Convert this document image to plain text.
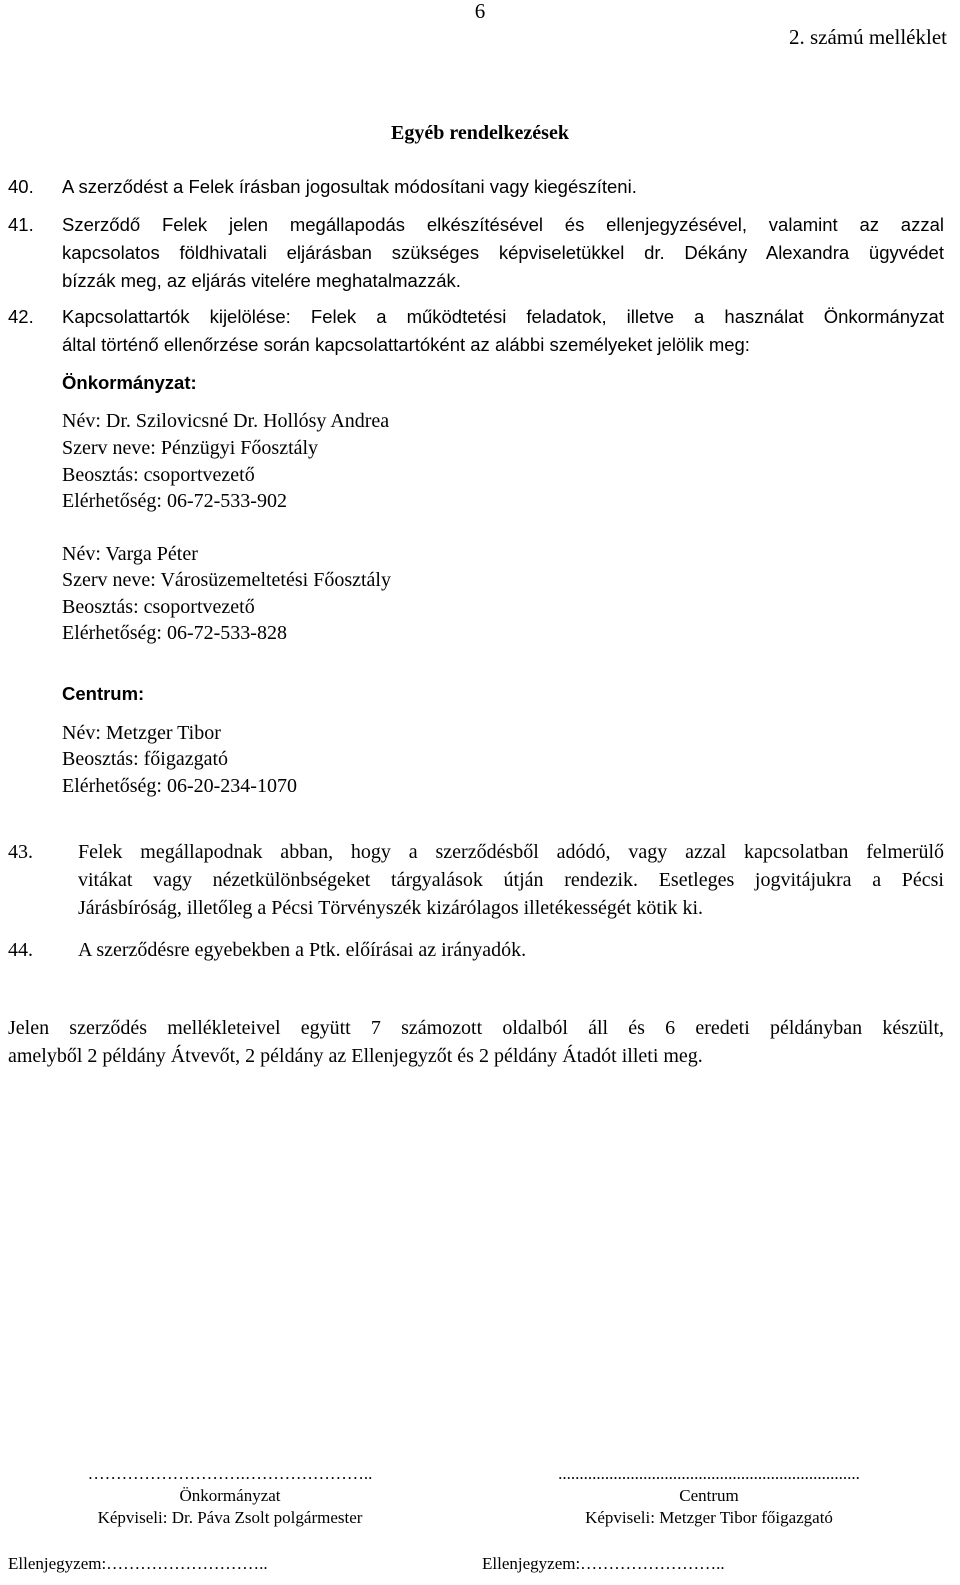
6
2. számú melléklet
Egyéb rendelkezések
40. A szerződést a Felek írásban jogosultak módosítani vagy kiegészíteni.
41. Szerződő Felek jelen megállapodás elkészítésével és ellenjegyzésével, valamint az azzal
kapcsolatos földhivatali eljárásban szükséges képviseletükkel dr. Dékány Alexandra ügyvédet
bízzák meg, az eljárás vitelére meghatalmazzák.
42. Kapcsolattartók kijelölése: Felek a működtetési feladatok, illetve a használat Önkormányzat
által történő ellenőrzése során kapcsolattartóként az alábbi személyeket jelölik meg:
Önkormányzat:
Név: Dr. Szilovicsné Dr. Hollósy Andrea
Szerv neve: Pénzügyi Főosztály
Beosztás: csoportvezető
Elérhetőség: 06-72-533-902
Név: Varga Péter
Szerv neve: Városüzemeltetési Főosztály
Beosztás: csoportvezető
Elérhetőség: 06-72-533-828
Centrum:
Név: Metzger Tibor
Beosztás: főigazgató
Elérhetőség: 06-20-234-1070
43. Felek megállapodnak abban, hogy a szerződésből adódó, vagy azzal kapcsolatban felmerülő
vitákat vagy nézetkülönbségeket tárgyalások útján rendezik. Esetleges jogvitájukra a Pécsi
Járásbíróság, illetőleg a Pécsi Törvényszék kizárólagos illetékességét kötik ki.
44. A szerződésre egyebekben a Ptk. előírásai az irányadók.
Jelen szerződés mellékleteivel együtt 7 számozott oldalból áll és 6 eredeti példányban készült,
amelyből 2 példány Átvevőt, 2 példány az Ellenjegyzőt és 2 példány Átadót illeti meg.
……………………….…………………..
Önkormányzat
Képviseli: Dr. Páva Zsolt polgármester
.......................................................................
Centrum
Képviseli: Metzger Tibor főigazgató
Ellenjegyzem:………………………..	Ellenjegyzem:……………………..
